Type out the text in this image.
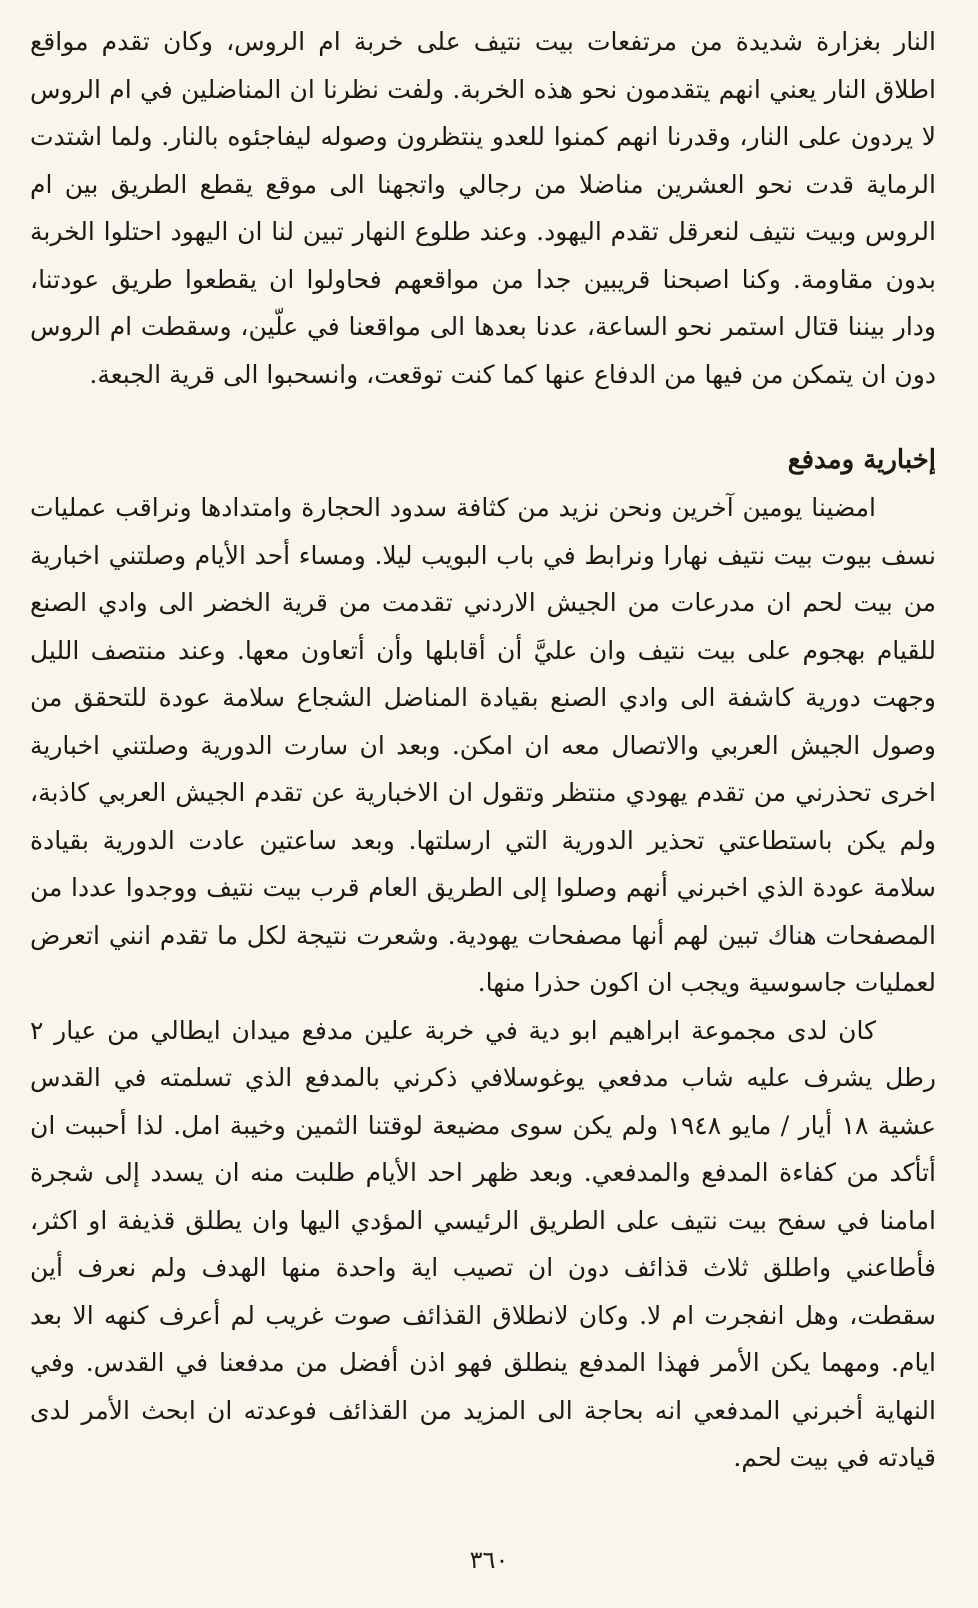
النار بغزارة شديدة من مرتفعات بيت نتيف على خربة ام الروس، وكان تقدم مواقع اطلاق النار يعني انهم يتقدمون نحو هذه الخربة. ولفت نظرنا ان المناضلين في ام الروس لا يردون على النار، وقدرنا انهم كمنوا للعدو ينتظرون وصوله ليفاجئوه بالنار. ولما اشتدت الرماية قدت نحو العشرين مناضلا من رجالي واتجهنا الى موقع يقطع الطريق بين ام الروس وبيت نتيف لنعرقل تقدم اليهود. وعند طلوع النهار تبين لنا ان اليهود احتلوا الخربة بدون مقاومة. وكنا اصبحنا قريبين جدا من مواقعهم فحاولوا ان يقطعوا طريق عودتنا، ودار بيننا قتال استمر نحو الساعة، عدنا بعدها الى مواقعنا في علّين، وسقطت ام الروس دون ان يتمكن من فيها من الدفاع عنها كما كنت توقعت، وانسحبوا الى قرية الجبعة.

إخبارية ومدفع

امضينا يومين آخرين ونحن نزيد من كثافة سدود الحجارة وامتدادها ونراقب عمليات نسف بيوت بيت نتيف نهارا ونرابط في باب البويب ليلا. ومساء أحد الأيام وصلتني اخبارية من بيت لحم ان مدرعات من الجيش الاردني تقدمت من قرية الخضر الى وادي الصنع للقيام بهجوم على بيت نتيف وان عليَّ أن أقابلها وأن أتعاون معها. وعند منتصف الليل وجهت دورية كاشفة الى وادي الصنع بقيادة المناضل الشجاع سلامة عودة للتحقق من وصول الجيش العربي والاتصال معه ان امكن. وبعد ان سارت الدورية وصلتني اخبارية اخرى تحذرني من تقدم يهودي منتظر وتقول ان الاخبارية عن تقدم الجيش العربي كاذبة، ولم يكن باستطاعتي تحذير الدورية التي ارسلتها. وبعد ساعتين عادت الدورية بقيادة سلامة عودة الذي اخبرني أنهم وصلوا إلى الطريق العام قرب بيت نتيف ووجدوا عددا من المصفحات هناك تبين لهم أنها مصفحات يهودية. وشعرت نتيجة لكل ما تقدم انني اتعرض لعمليات جاسوسية ويجب ان اكون حذرا منها.

كان لدى مجموعة ابراهيم ابو دية في خربة علين مدفع ميدان ايطالي من عيار ٢ رطل يشرف عليه شاب مدفعي يوغوسلافي ذكرني بالمدفع الذي تسلمته في القدس عشية ١٨ أيار / مايو ١٩٤٨ ولم يكن سوى مضيعة لوقتنا الثمين وخيبة امل. لذا أحببت ان أتأكد من كفاءة المدفع والمدفعي. وبعد ظهر احد الأيام طلبت منه ان يسدد إلى شجرة امامنا في سفح بيت نتيف على الطريق الرئيسي المؤدي اليها وان يطلق قذيفة او اكثر، فأطاعني واطلق ثلاث قذائف دون ان تصيب اية واحدة منها الهدف ولم نعرف أين سقطت، وهل انفجرت ام لا. وكان لانطلاق القذائف صوت غريب لم أعرف كنهه الا بعد ايام. ومهما يكن الأمر فهذا المدفع ينطلق فهو اذن أفضل من مدفعنا في القدس. وفي النهاية أخبرني المدفعي انه بحاجة الى المزيد من القذائف فوعدته ان ابحث الأمر لدى قيادته في بيت لحم.

٣٦٠
